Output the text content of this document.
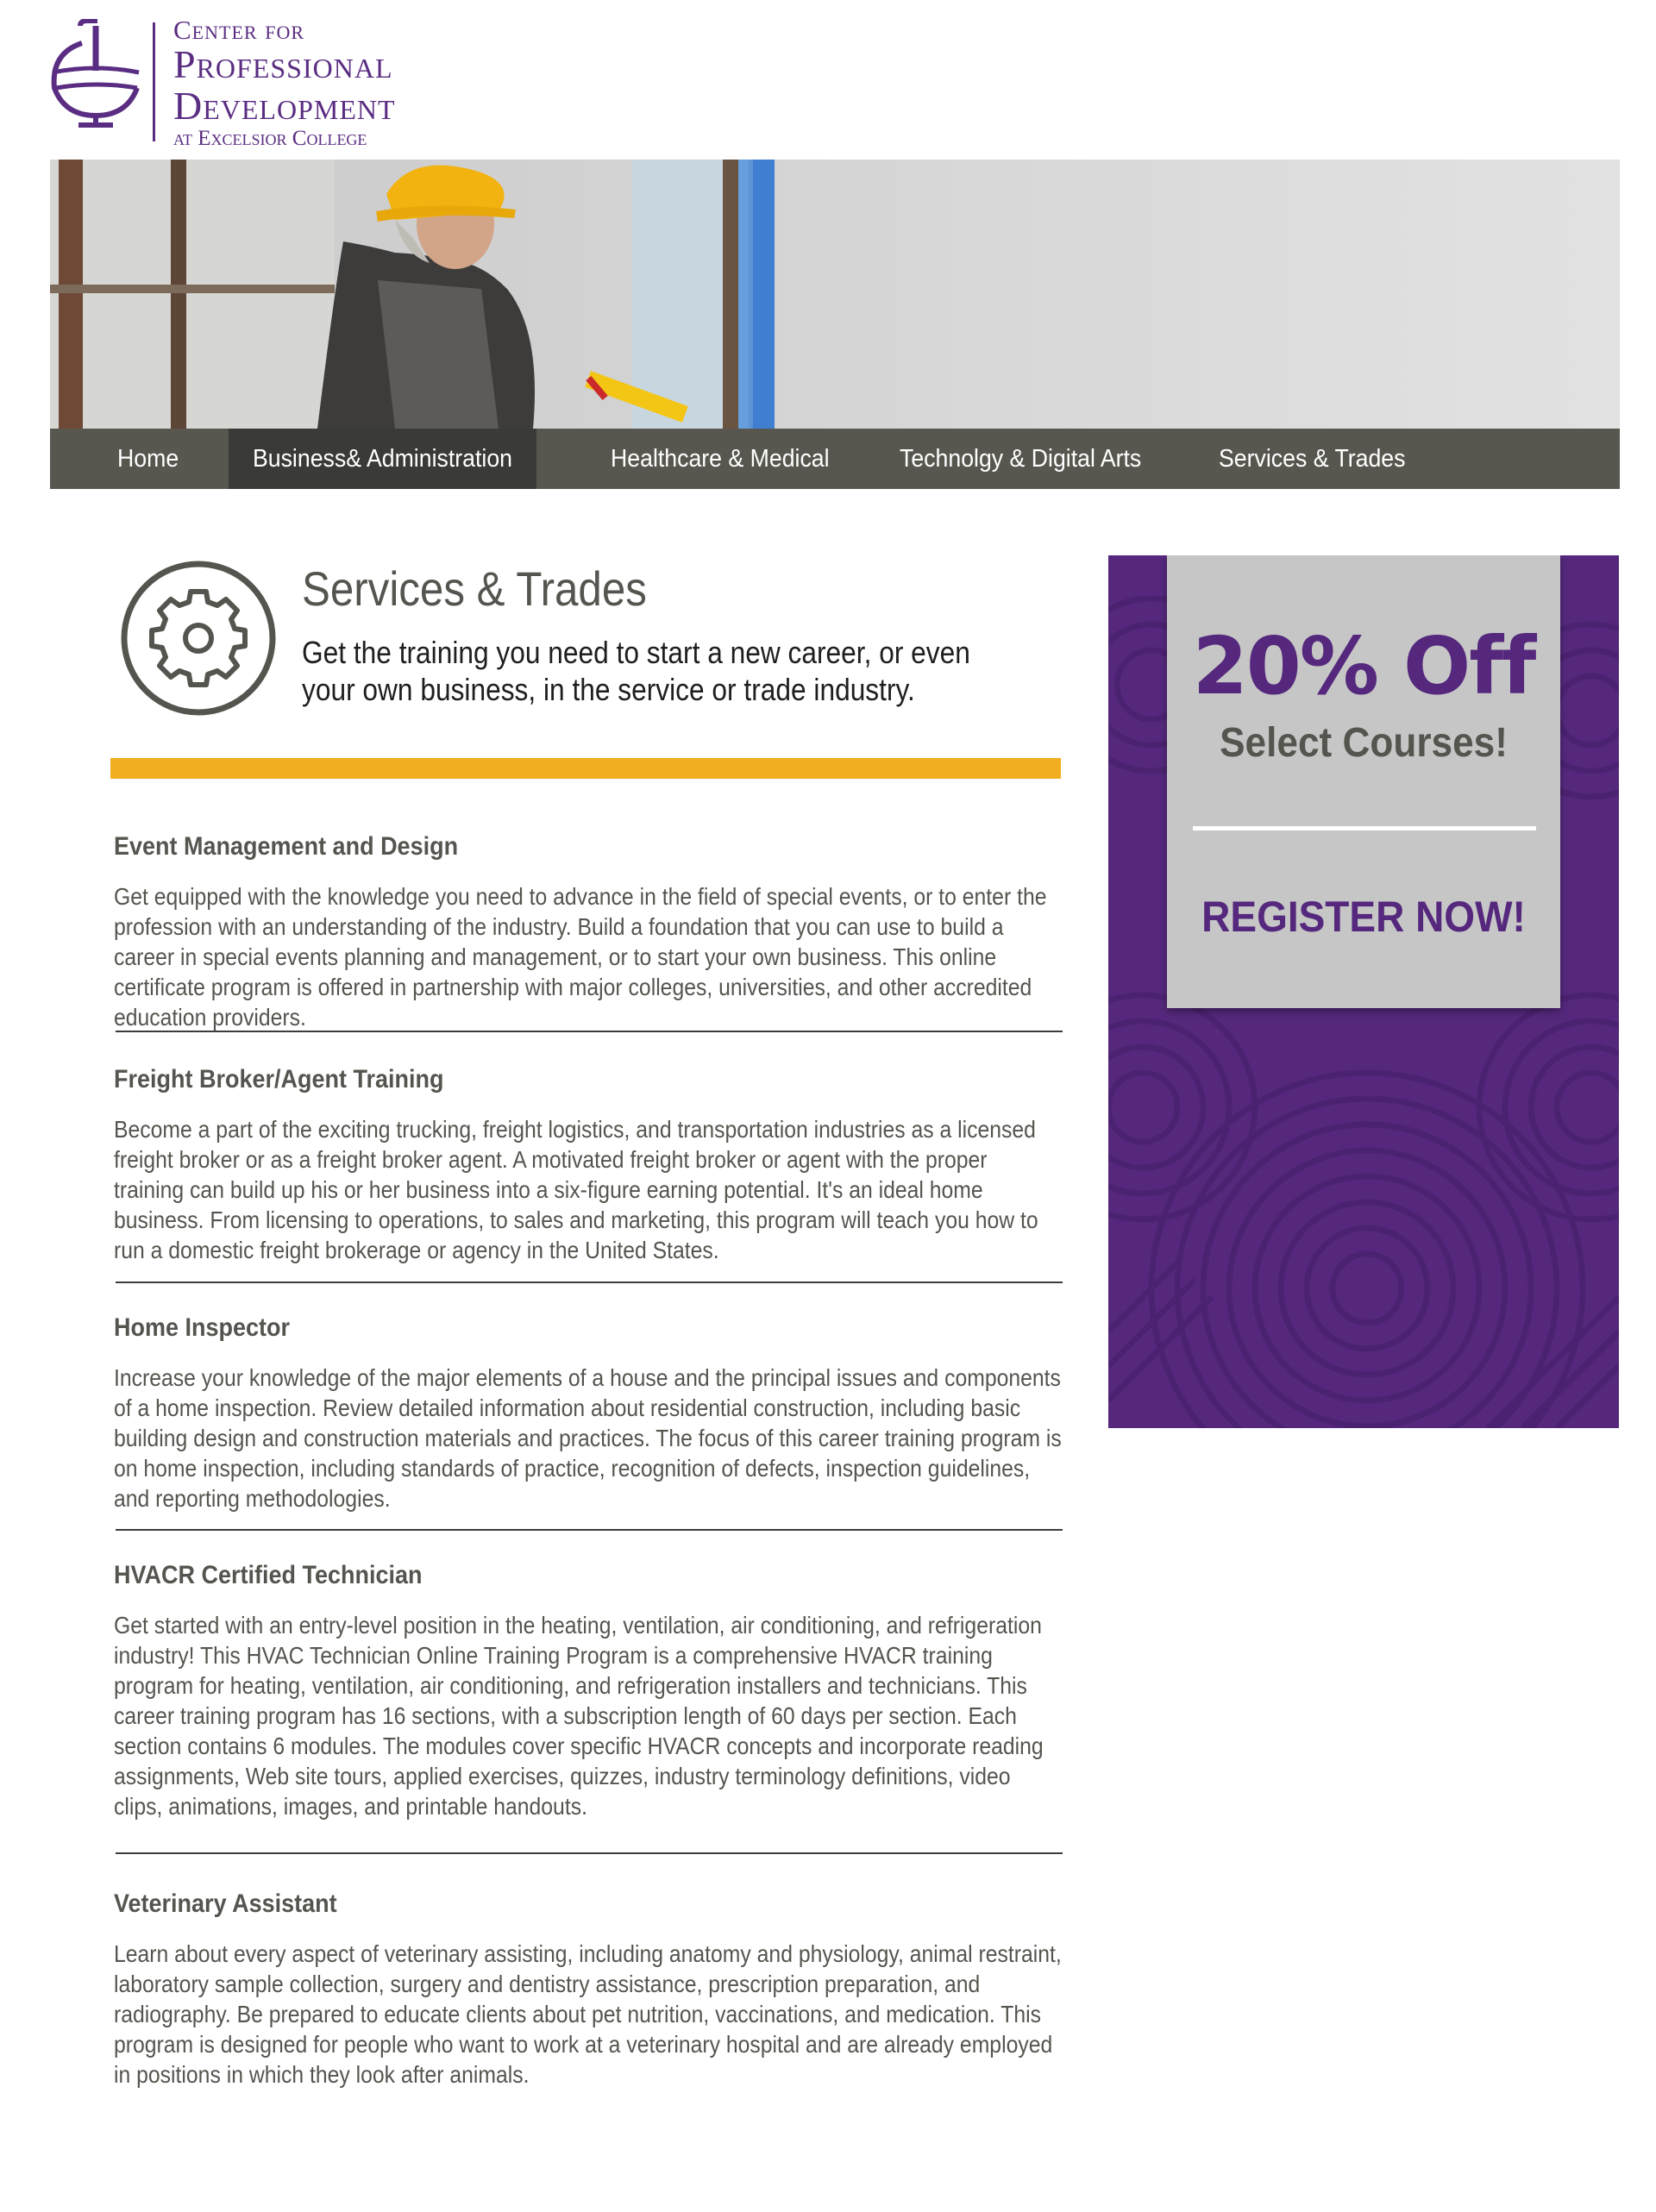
Center for
Professional
Development
at Excelsior College
Home	Business& Administration	Healthcare & Medical	Technolgy & Digital Arts	Services & Trades
Services & Trades

Get the training you need to start a new career, or even your own business, in the service or trade industry.

Event Management and Design

Get equipped with the knowledge you need to advance in the field of special events, or to enter the profession with an understanding of the industry. Build a foundation that you can use to build a career in special events planning and management, or to start your own business. This online certificate program is offered in partnership with major colleges, universities, and other accredited education providers.

Freight Broker/Agent Training

Become a part of the exciting trucking, freight logistics, and transportation industries as a licensed freight broker or as a freight broker agent. A motivated freight broker or agent with the proper training can build up his or her business into a six-figure earning potential. It's an ideal home business. From licensing to operations, to sales and marketing, this program will teach you how to run a domestic freight brokerage or agency in the United States.

Home Inspector

Increase your knowledge of the major elements of a house and the principal issues and components of a home inspection. Review detailed information about residential construction, including basic building design and construction materials and practices. The focus of this career training program is on home inspection, including standards of practice, recognition of defects, inspection guidelines, and reporting methodologies.

HVACR Certified Technician

Get started with an entry-level position in the heating, ventilation, air conditioning, and refrigeration industry! This HVAC Technician Online Training Program is a comprehensive HVACR training program for heating, ventilation, air conditioning, and refrigeration installers and technicians. This career training program has 16 sections, with a subscription length of 60 days per section. Each section contains 6 modules. The modules cover specific HVACR concepts and incorporate reading assignments, Web site tours, applied exercises, quizzes, industry terminology definitions, video clips, animations, images, and printable handouts.

Veterinary Assistant

Learn about every aspect of veterinary assisting, including anatomy and physiology, animal restraint, laboratory sample collection, surgery and dentistry assistance, prescription preparation, and radiography. Be prepared to educate clients about pet nutrition, vaccinations, and medication. This program is designed for people who want to work at a veterinary hospital and are already employed in positions in which they look after animals.

20% Off
Select Courses!
REGISTER NOW!
